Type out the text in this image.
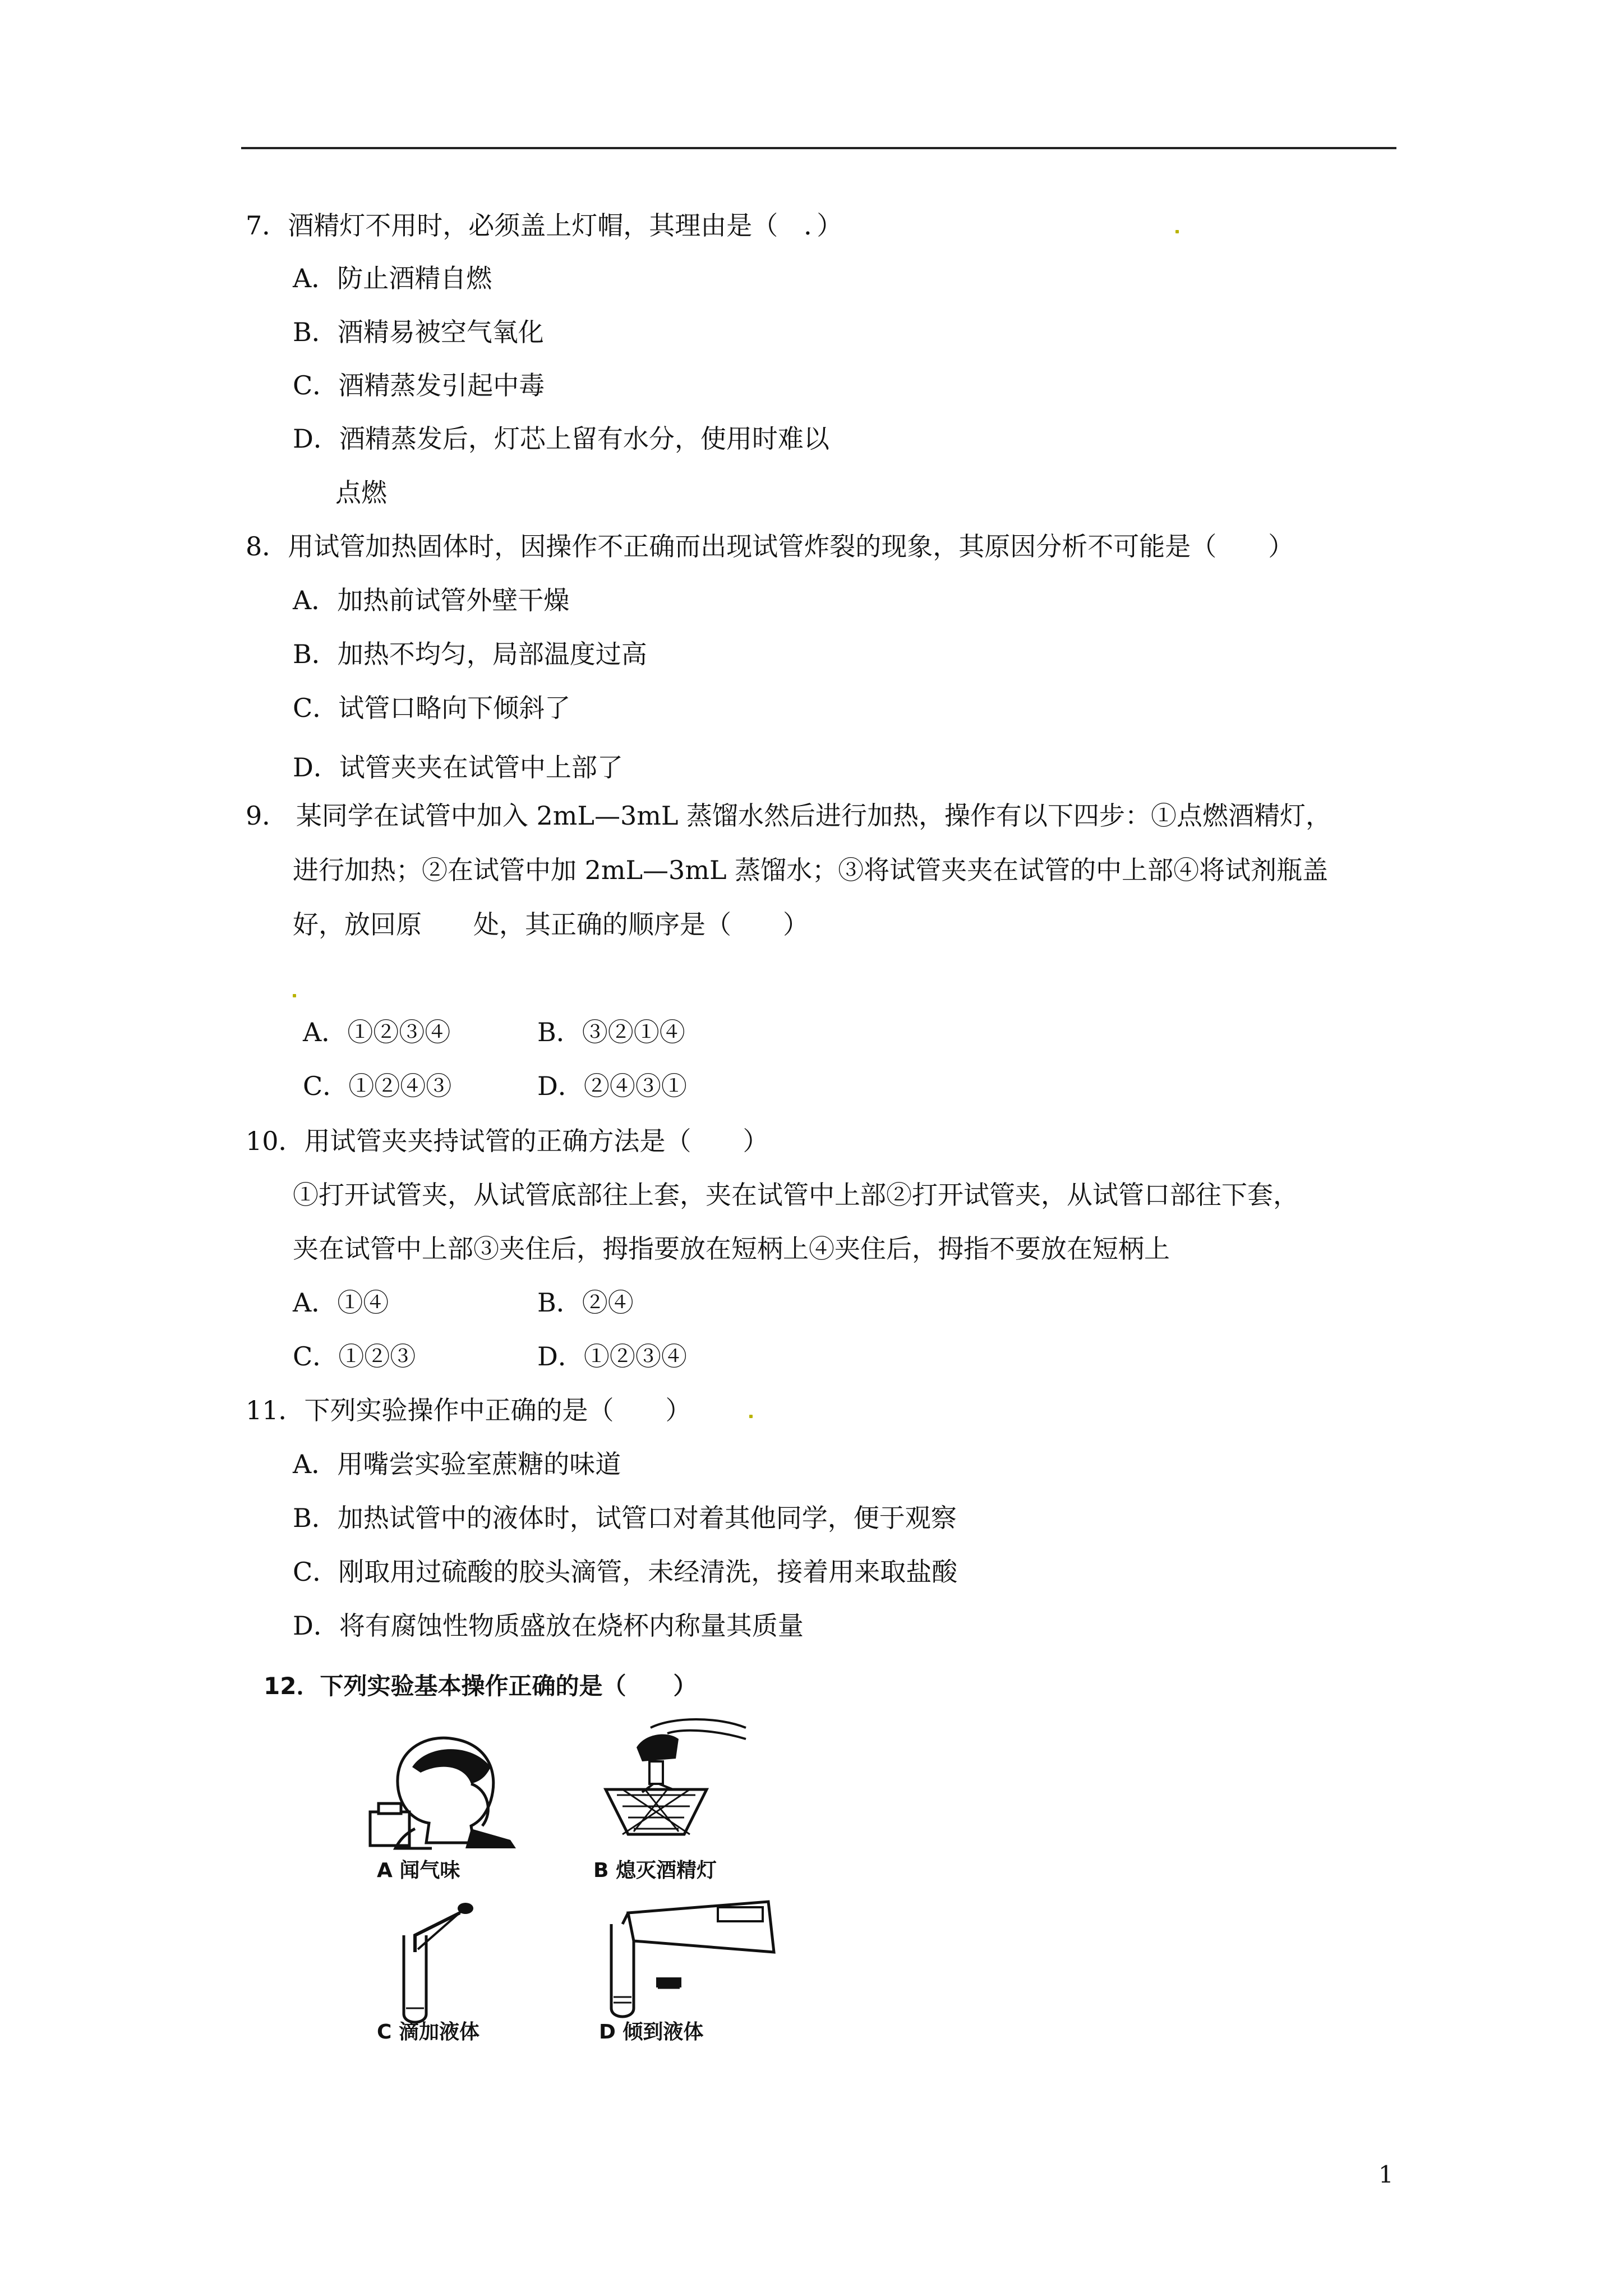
7．酒精灯不用时，必须盖上灯帽，其理由是（　．）
A．防止酒精自燃
B．酒精易被空气氧化
C．酒精蒸发引起中毒
D．酒精蒸发后，灯芯上留有水分，使用时难以
点燃
8．用试管加热固体时，因操作不正确而出现试管炸裂的现象，其原因分析不可能是（　　）
A．加热前试管外壁干燥
B．加热不均匀，局部温度过高
C．试管口略向下倾斜了
D．试管夹夹在试管中上部了
9． 某同学在试管中加入 2mL—3mL 蒸馏水然后进行加热，操作有以下四步：①点燃酒精灯，
进行加热；②在试管中加 2mL—3mL 蒸馏水；③将试管夹夹在试管的中上部④将试剂瓶盖
好，放回原　　处，其正确的顺序是（　　）
A．①②③④	B．③②①④
C．①②④③	D．②④③①
10．用试管夹夹持试管的正确方法是（　　）
①打开试管夹，从试管底部往上套，夹在试管中上部②打开试管夹，从试管口部往下套，
夹在试管中上部③夹住后，拇指要放在短柄上④夹住后，拇指不要放在短柄上
A．①④	B．②④
C．①②③	D．①②③④
11．下列实验操作中正确的是（　　）
A．用嘴尝实验室蔗糖的味道
B．加热试管中的液体时，试管口对着其他同学，便于观察
C．刚取用过硫酸的胶头滴管，未经清洗，接着用来取盐酸
D．将有腐蚀性物质盛放在烧杯内称量其质量
12．下列实验基本操作正确的是（　　）
A 闻气味	B 熄灭酒精灯
C 滴加液体	D 倾到液体
1
